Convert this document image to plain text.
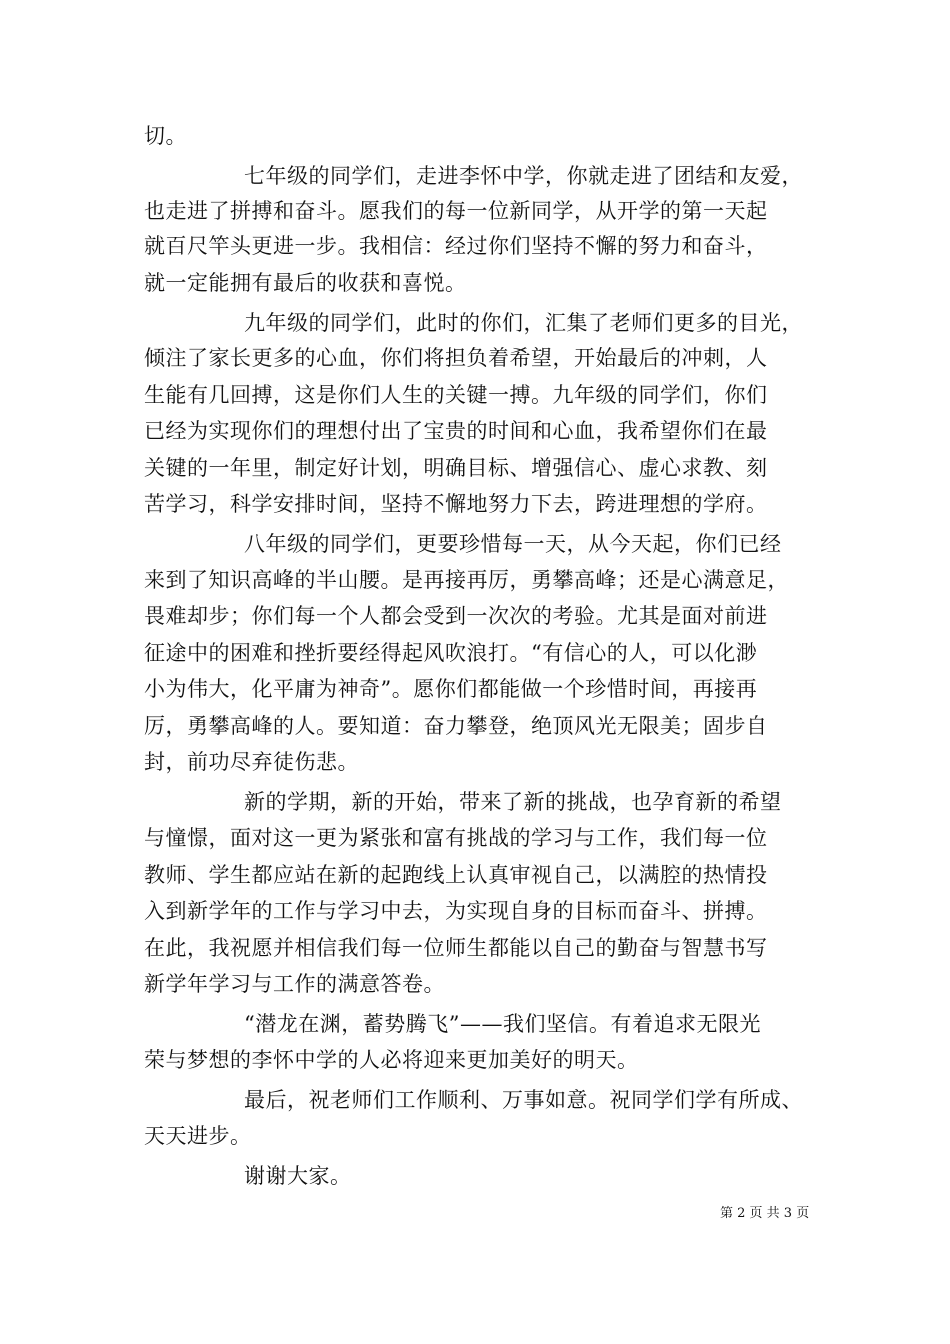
切。
七年级的同学们，走进李怀中学，你就走进了团结和友爱，
也走进了拼搏和奋斗。愿我们的每一位新同学，从开学的第一天起
就百尺竿头更进一步。我相信：经过你们坚持不懈的努力和奋斗，
就一定能拥有最后的收获和喜悦。
九年级的同学们，此时的你们，汇集了老师们更多的目光，
倾注了家长更多的心血，你们将担负着希望，开始最后的冲刺，人
生能有几回搏，这是你们人生的关键一搏。九年级的同学们，你们
已经为实现你们的理想付出了宝贵的时间和心血，我希望你们在最
关键的一年里，制定好计划，明确目标、增强信心、虚心求教、刻
苦学习，科学安排时间，坚持不懈地努力下去，跨进理想的学府。
八年级的同学们，更要珍惜每一天，从今天起，你们已经
来到了知识高峰的半山腰。是再接再厉，勇攀高峰；还是心满意足，
畏难却步；你们每一个人都会受到一次次的考验。尤其是面对前进
征途中的困难和挫折要经得起风吹浪打。“有信心的人，可以化渺
小为伟大，化平庸为神奇”。愿你们都能做一个珍惜时间，再接再
厉，勇攀高峰的人。要知道：奋力攀登，绝顶风光无限美；固步自
封，前功尽弃徒伤悲。
新的学期，新的开始，带来了新的挑战，也孕育新的希望
与憧憬，面对这一更为紧张和富有挑战的学习与工作，我们每一位
教师、学生都应站在新的起跑线上认真审视自己，以满腔的热情投
入到新学年的工作与学习中去，为实现自身的目标而奋斗、拼搏。
在此，我祝愿并相信我们每一位师生都能以自己的勤奋与智慧书写
新学年学习与工作的满意答卷。
“潜龙在渊，蓄势腾飞”——我们坚信。有着追求无限光
荣与梦想的李怀中学的人必将迎来更加美好的明天。
最后，祝老师们工作顺利、万事如意。祝同学们学有所成、
天天进步。
谢谢大家。
第 2 页 共 3 页
